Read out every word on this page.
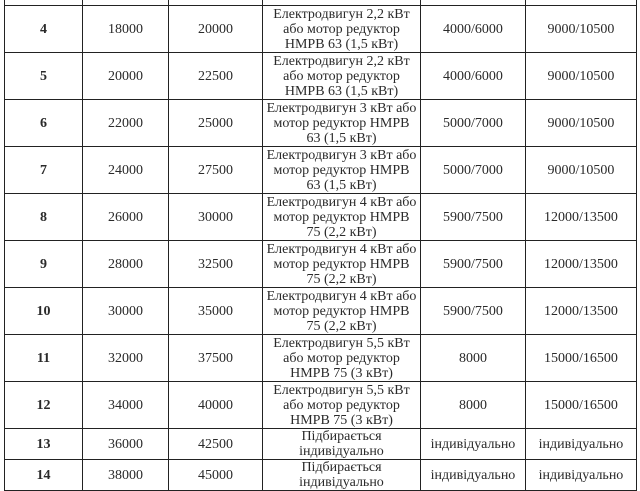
4	18000	20000	Електродвигун 2,2 кВт або мотор редуктор НМРВ 63 (1,5 кВт)	4000/6000	9000/10500
5	20000	22500	Електродвигун 2,2 кВт або мотор редуктор НМРВ 63 (1,5 кВт)	4000/6000	9000/10500
6	22000	25000	Електродвигун 3 кВт або мотор редуктор НМРВ 63 (1,5 кВт)	5000/7000	9000/10500
7	24000	27500	Електродвигун 3 кВт або мотор редуктор НМРВ 63 (1,5 кВт)	5000/7000	9000/10500
8	26000	30000	Електродвигун 4 кВт або мотор редуктор НМРВ 75 (2,2 кВт)	5900/7500	12000/13500
9	28000	32500	Електродвигун 4 кВт або мотор редуктор НМРВ 75 (2,2 кВт)	5900/7500	12000/13500
10	30000	35000	Електродвигун 4 кВт або мотор редуктор НМРВ 75 (2,2 кВт)	5900/7500	12000/13500
11	32000	37500	Електродвигун 5,5 кВт або мотор редуктор НМРВ 75 (3 кВт)	8000	15000/16500
12	34000	40000	Електродвигун 5,5 кВт або мотор редуктор НМРВ 75 (3 кВт)	8000	15000/16500
13	36000	42500	Підбирається індивідуально	індивідуально	індивідуально
14	38000	45000	Підбирається індивідуально	індивідуально	індивідуально
